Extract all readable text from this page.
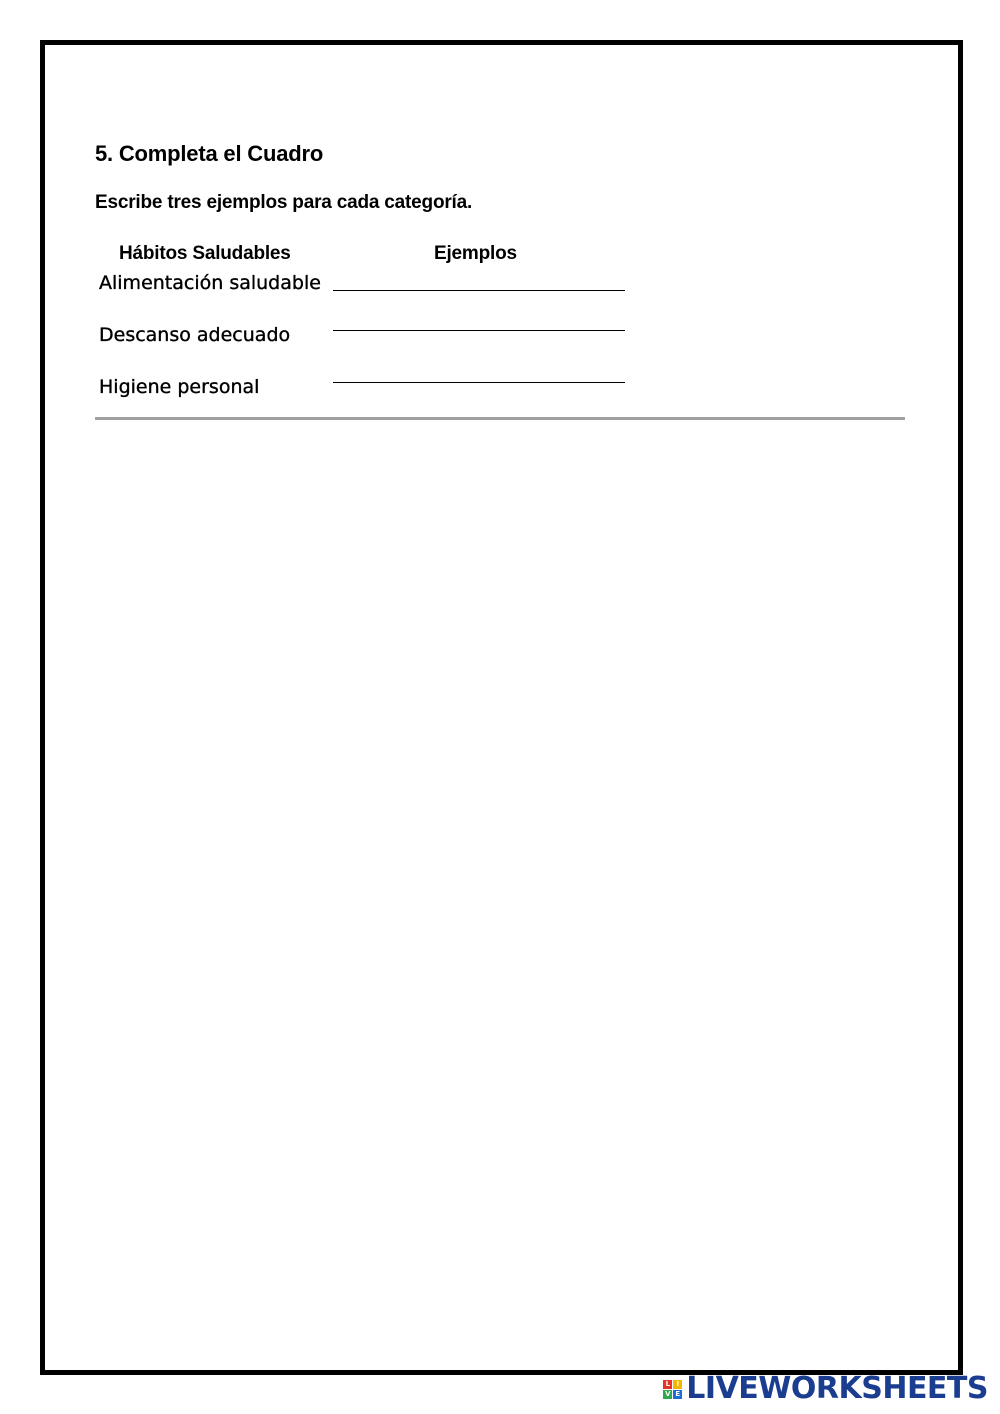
5. Completa el Cuadro
Escribe tres ejemplos para cada categoría.
Hábitos Saludables	Ejemplos
Alimentación saludable
Descanso adecuado
Higiene personal
L I
V E LIVEWORKSHEETS
